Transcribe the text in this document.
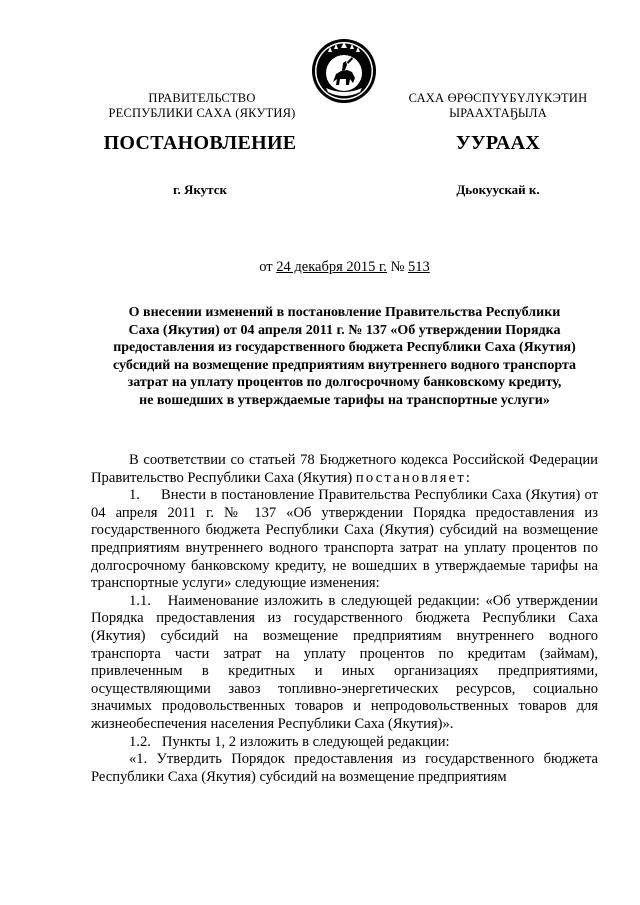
ПРАВИТЕЛЬСТВО
РЕСПУБЛИКИ САХА (ЯКУТИЯ)
САХА ӨРӨСПҮҮБҮЛҮКЭТИН
ЫРААХТАҔЫЛА
ПОСТАНОВЛЕНИЕ	УУРААХ
г. Якутск	Дьокуускай к.
от 24 декабря 2015 г. № 513
О внесении изменений в постановление Правительства Республики
Саха (Якутия) от 04 апреля 2011 г. № 137 «Об утверждении Порядка
предоставления из государственного бюджета Республики Саха (Якутия)
субсидий на возмещение предприятиям внутреннего водного транспорта
затрат на уплату процентов по долгосрочному банковскому кредиту,
не вошедших в утверждаемые тарифы на транспортные услуги»

В соответствии со статьей 78 Бюджетного кодекса Российской Федерации Правительство Республики Саха (Якутия) постановляет:

1. Внести в постановление Правительства Республики Саха (Якутия) от 04 апреля 2011 г. № 137 «Об утверждении Порядка предоставления из государственного бюджета Республики Саха (Якутия) субсидий на возмещение предприятиям внутреннего водного транспорта затрат на уплату процентов по долгосрочному банковскому кредиту, не вошедших в утверждаемые тарифы на транспортные услуги» следующие изменения:

1.1. Наименование изложить в следующей редакции: «Об утверждении Порядка предоставления из государственного бюджета Республики Саха (Якутия) субсидий на возмещение предприятиям внутреннего водного транспорта части затрат на уплату процентов по кредитам (займам), привлеченным в кредитных и иных организациях предприятиями, осуществляющими завоз топливно-энергетических ресурсов, социально значимых продовольственных товаров и непродовольственных товаров для жизнеобеспечения населения Республики Саха (Якутия)».

1.2. Пункты 1, 2 изложить в следующей редакции:

«1. Утвердить Порядок предоставления из государственного бюджета Республики Саха (Якутия) субсидий на возмещение предприятиям
